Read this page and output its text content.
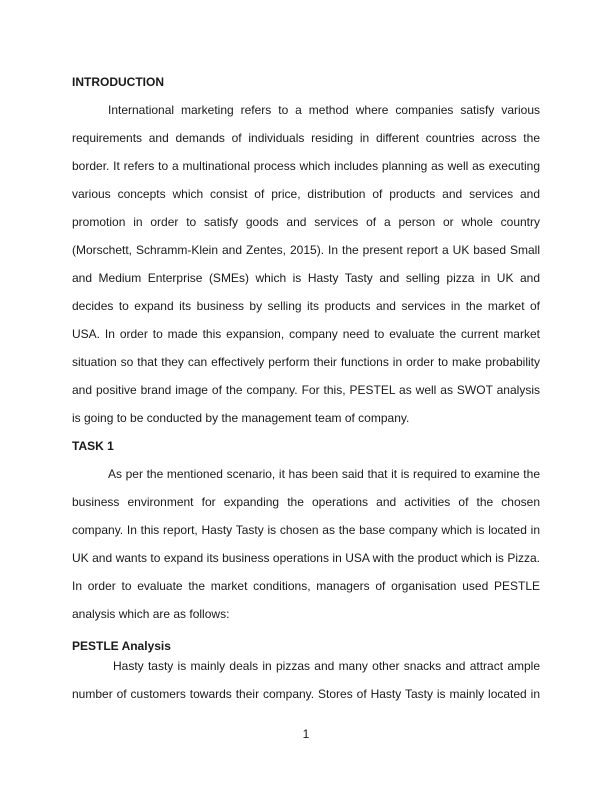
INTRODUCTION
International marketing refers to a method where companies satisfy various
requirements and demands of individuals residing in different countries across the
border. It refers to a multinational process which includes planning as well as executing
various concepts which consist of price, distribution of products and services and
promotion in order to satisfy goods and services of a person or whole country
(Morschett, Schramm-Klein and Zentes, 2015). In the present report a UK based Small
and Medium Enterprise (SMEs) which is Hasty Tasty and selling pizza in UK and
decides to expand its business by selling its products and services in the market of
USA. In order to made this expansion, company need to evaluate the current market
situation so that they can effectively perform their functions in order to make probability
and positive brand image of the company. For this, PESTEL as well as SWOT analysis
is going to be conducted by the management team of company.
TASK 1
As per the mentioned scenario, it has been said that it is required to examine the
business environment for expanding the operations and activities of the chosen
company. In this report, Hasty Tasty is chosen as the base company which is located in
UK and wants to expand its business operations in USA with the product which is Pizza.
In order to evaluate the market conditions, managers of organisation used PESTLE
analysis which are as follows:
PESTLE Analysis
Hasty tasty is mainly deals in pizzas and many other snacks and attract ample
number of customers towards their company. Stores of Hasty Tasty is mainly located in
1
